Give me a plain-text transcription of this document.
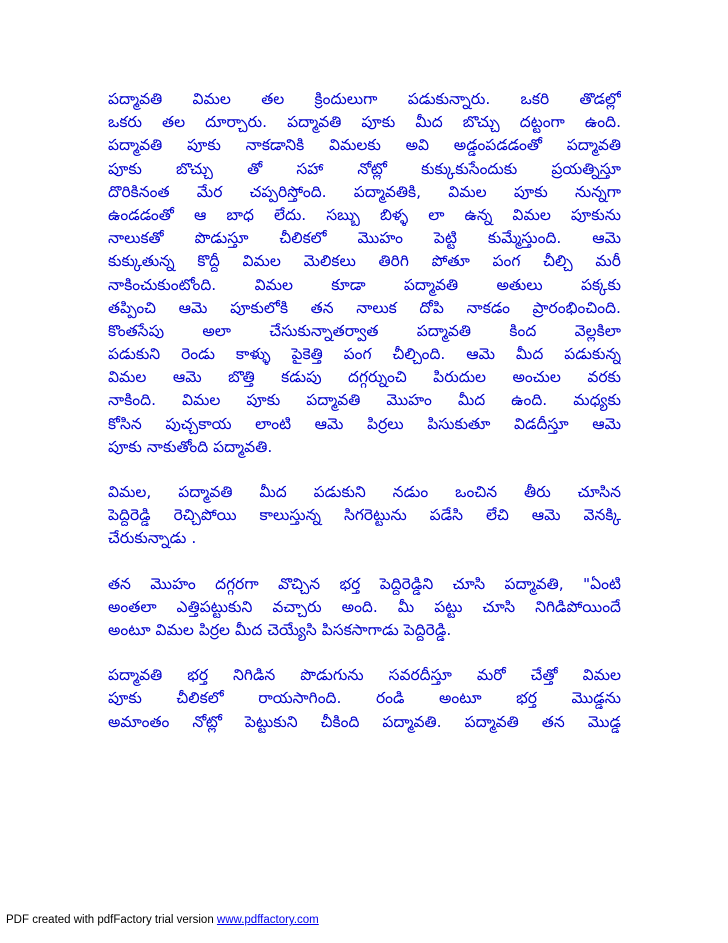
పద్మావతి విమల తల క్రిందులుగా పడుకున్నారు. ఒకరి తొడల్లో
ఒకరు తల దూర్చారు. పద్మావతి పూకు మీద బొచ్చు దట్టంగా ఉంది.
పద్మావతి పూకు నాకడానికి విమలకు అవి అడ్డంపడడంతో పద్మావతి
పూకు బొచ్చు తో సహా నోట్లో కుక్కుకుసేందుకు ప్రయత్నిస్తూ
దొరికినంత మేర చప్పరిస్తోంది. పద్మావతికి, విమల పూకు నున్నగా
ఉండడంతో ఆ బాధ లేదు. సబ్బు బిళ్ళ లా ఉన్న విమల పూకును
నాలుకతో పొడుస్తూ చీలికలో మొహం పెట్టి కుమ్మేస్తుంది. ఆమె
కుక్కుతున్న కొద్దీ విమల మెలికలు తిరిగి పోతూ పంగ చీల్చి మరీ
నాకించుకుంటోంది. విమల కూడా పద్మావతి అతులు పక్కకు
తప్పించి ఆమె పూకులోకి తన నాలుక దోపి నాకడం ప్రారంభించింది.
కొంతసేపు అలా చేసుకున్నాతర్వాత పద్మావతి కింద వెల్లకిలా
పడుకుని రెండు కాళ్ళు పైకెత్తి పంగ చీల్చింది. ఆమె మీద పడుకున్న
విమల ఆమె బొత్తి కడుపు దగ్గర్నుంచి పిరుదుల అంచుల వరకు
నాకింది. విమల పూకు పద్మావతి మొహం మీద ఉంది. మధ్యకు
కోసిన పుచ్చకాయ లాంటి ఆమె పిర్రలు పిసుకుతూ విడదీస్తూ ఆమె
పూకు నాకుతోంది పద్మావతి.

విమల, పద్మావతి మీద పడుకుని నడుం ఒంచిన తీరు చూసిన
పెద్దిరెడ్డి రెచ్చిపోయి కాలుస్తున్న సిగరెట్టును పడేసి లేచి ఆమె వెనక్కి
చేరుకున్నాడు .

తన మొహం దగ్గరగా వొచ్చిన భర్త పెద్దిరెడ్డిని చూసి పద్మావతి, "ఏంటి
అంతలా ఎత్తిపట్టుకుని వచ్చారు అంది. మీ పట్టు చూసి నిగిడిపోయిందే
అంటూ విమల పిర్రల మీద చెయ్యేసి పిసకసాగాడు పెద్దిరెడ్డి.

పద్మావతి భర్త నిగిడిన పొడుగును సవరదీస్తూ మరో చేత్తో విమల
పూకు చీలికలో రాయసాగింది. రండి అంటూ భర్త మొడ్డను
అమాంతం నోట్లో పెట్టుకుని చీకింది పద్మావతి. పద్మావతి తన మొడ్డ

PDF created with pdfFactory trial version www.pdffactory.com
